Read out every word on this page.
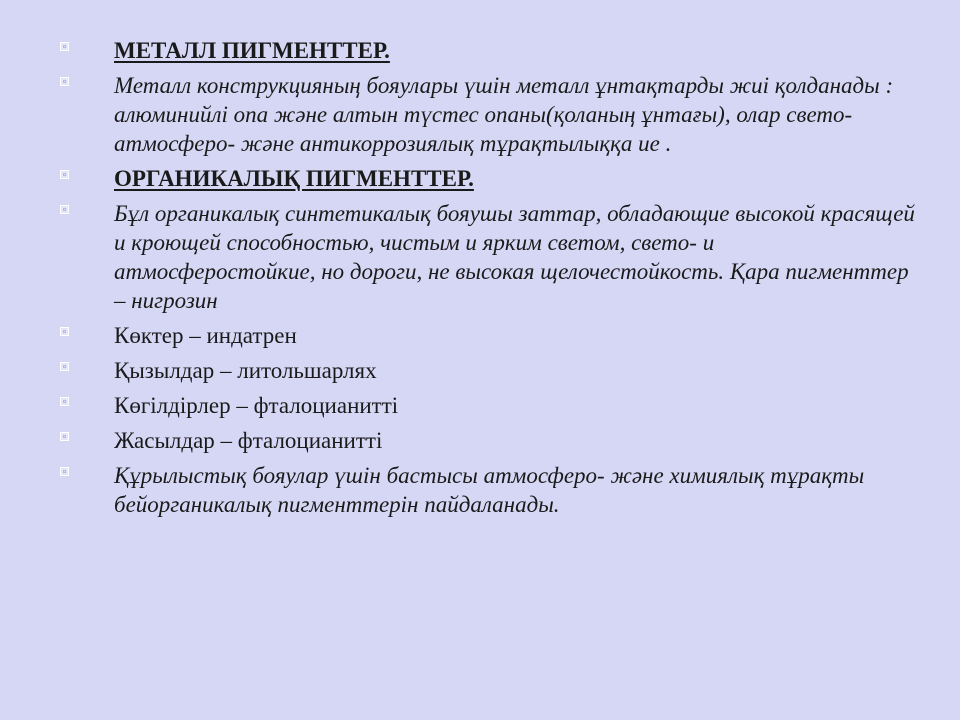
МЕТАЛЛ ПИГМЕНТТЕР.
Металл конструкцияның бояулары үшін металл ұнтақтарды жиі қолданады : алюминийлі опа және алтын түстес опаны(қоланың ұнтағы), олар свето-атмосферо- және антикоррозиялық тұрақтылыққа ие .
ОРГАНИКАЛЫҚ ПИГМЕНТТЕР.
Бұл органикалық синтетикалық бояушы заттар, обладающие высокой красящей и кроющей способностью, чистым и ярким светом, свето- и атмосферостойкие, но дороги, не высокая щелочестойкость. Қара пигменттер – нигрозин
Көктер – индатрен
Қызылдар – литольшарлях
Көгілдірлер – фталоцианитті
Жасылдар – фталоцианитті
Құрылыстық бояулар үшін бастысы атмосферо- және химиялық тұрақты бейорганикалық пигменттерін пайдаланады.
